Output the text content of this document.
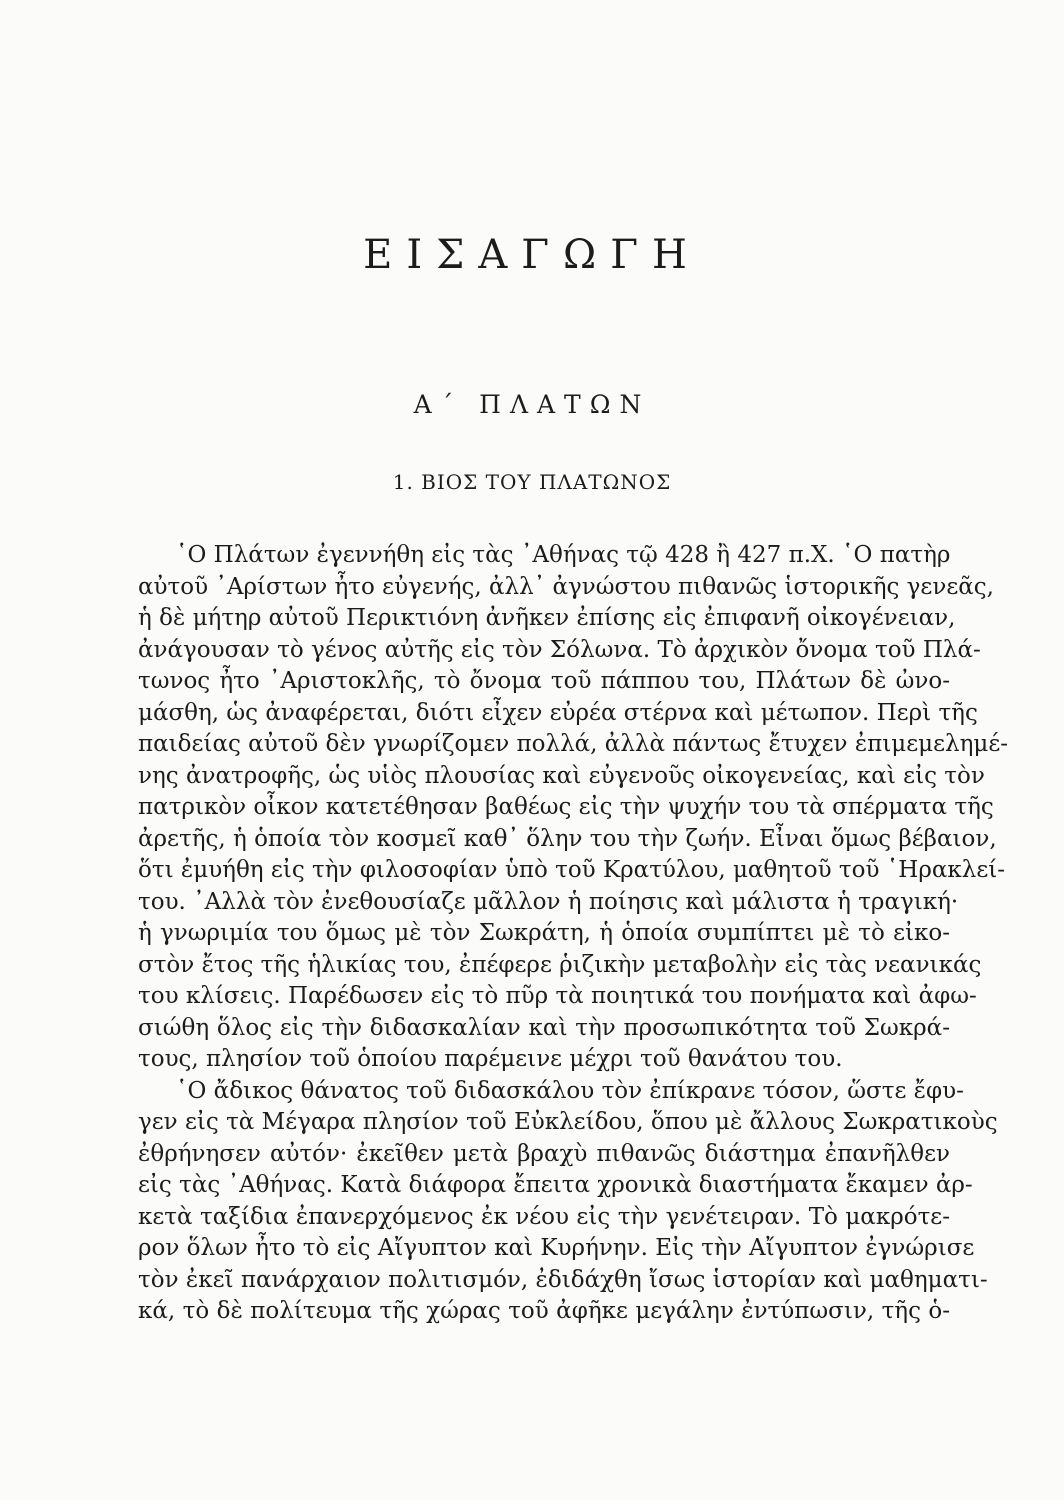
ΕΙΣΑΓΩΓΗ
Α΄ ΠΛΑΤΩΝ
1. ΒΙΟΣ ΤΟΥ ΠΛΑΤΩΝΟΣ
῾Ο Πλάτων ἐγεννήθη εἰς τὰς ᾿Αθήνας τῷ 428 ἢ 427 π.Χ. ῾Ο πατὴρ
αὐτοῦ ᾿Αρίστων ἦτο εὐγενής, ἀλλ᾿ ἀγνώστου πιθανῶς ἱστορικῆς γενεᾶς,
ἡ δὲ μήτηρ αὐτοῦ Περικτιόνη ἀνῆκεν ἐπίσης εἰς ἐπιφανῆ οἰκογένειαν,
ἀνάγουσαν τὸ γένος αὐτῆς εἰς τὸν Σόλωνα. Τὸ ἀρχικὸν ὄνομα τοῦ Πλά-
τωνος ἦτο ᾿Αριστοκλῆς, τὸ ὄνομα τοῦ πάππου του, Πλάτων δὲ ὠνο-
μάσθη, ὡς ἀναφέρεται, διότι εἶχεν εὐρέα στέρνα καὶ μέτωπον. Περὶ τῆς
παιδείας αὐτοῦ δὲν γνωρίζομεν πολλά, ἀλλὰ πάντως ἔτυχεν ἐπιμεμελημέ-
νης ἀνατροφῆς, ὡς υἱὸς πλουσίας καὶ εὐγενοῦς οἰκογενείας, καὶ εἰς τὸν
πατρικὸν οἶκον κατετέθησαν βαθέως εἰς τὴν ψυχήν του τὰ σπέρματα τῆς
ἀρετῆς, ἡ ὁποία τὸν κοσμεῖ καθ᾿ ὅλην του τὴν ζωήν. Εἶναι ὅμως βέβαιον,
ὅτι ἐμυήθη εἰς τὴν φιλοσοφίαν ὑπὸ τοῦ Κρατύλου, μαθητοῦ τοῦ ῾Ηρακλεί-
του. ᾿Αλλὰ τὸν ἐνεθουσίαζε μᾶλλον ἡ ποίησις καὶ μάλιστα ἡ τραγική·
ἡ γνωριμία του ὅμως μὲ τὸν Σωκράτη, ἡ ὁποία συμπίπτει μὲ τὸ εἰκο-
στὸν ἔτος τῆς ἡλικίας του, ἐπέφερε ῥιζικὴν μεταβολὴν εἰς τὰς νεανικάς
του κλίσεις. Παρέδωσεν εἰς τὸ πῦρ τὰ ποιητικά του πονήματα καὶ ἀφω-
σιώθη ὅλος εἰς τὴν διδασκαλίαν καὶ τὴν προσωπικότητα τοῦ Σωκρά-
τους, πλησίον τοῦ ὁποίου παρέμεινε μέχρι τοῦ θανάτου του.
῾Ο ἄδικος θάνατος τοῦ διδασκάλου τὸν ἐπίκρανε τόσον, ὥστε ἔφυ-
γεν εἰς τὰ Μέγαρα πλησίον τοῦ Εὐκλείδου, ὅπου μὲ ἄλλους Σωκρατικοὺς
ἐθρήνησεν αὐτόν· ἐκεῖθεν μετὰ βραχὺ πιθανῶς διάστημα ἐπανῆλθεν
εἰς τὰς ᾿Αθήνας. Κατὰ διάφορα ἔπειτα χρονικὰ διαστήματα ἔκαμεν ἀρ-
κετὰ ταξίδια ἐπανερχόμενος ἐκ νέου εἰς τὴν γενέτειραν. Τὸ μακρότε-
ρον ὅλων ἦτο τὸ εἰς Αἴγυπτον καὶ Κυρήνην. Εἰς τὴν Αἴγυπτον ἐγνώρισε
τὸν ἐκεῖ πανάρχαιον πολιτισμόν, ἐδιδάχθη ἴσως ἱστορίαν καὶ μαθηματι-
κά, τὸ δὲ πολίτευμα τῆς χώρας τοῦ ἀφῆκε μεγάλην ἐντύπωσιν, τῆς ὁ-
